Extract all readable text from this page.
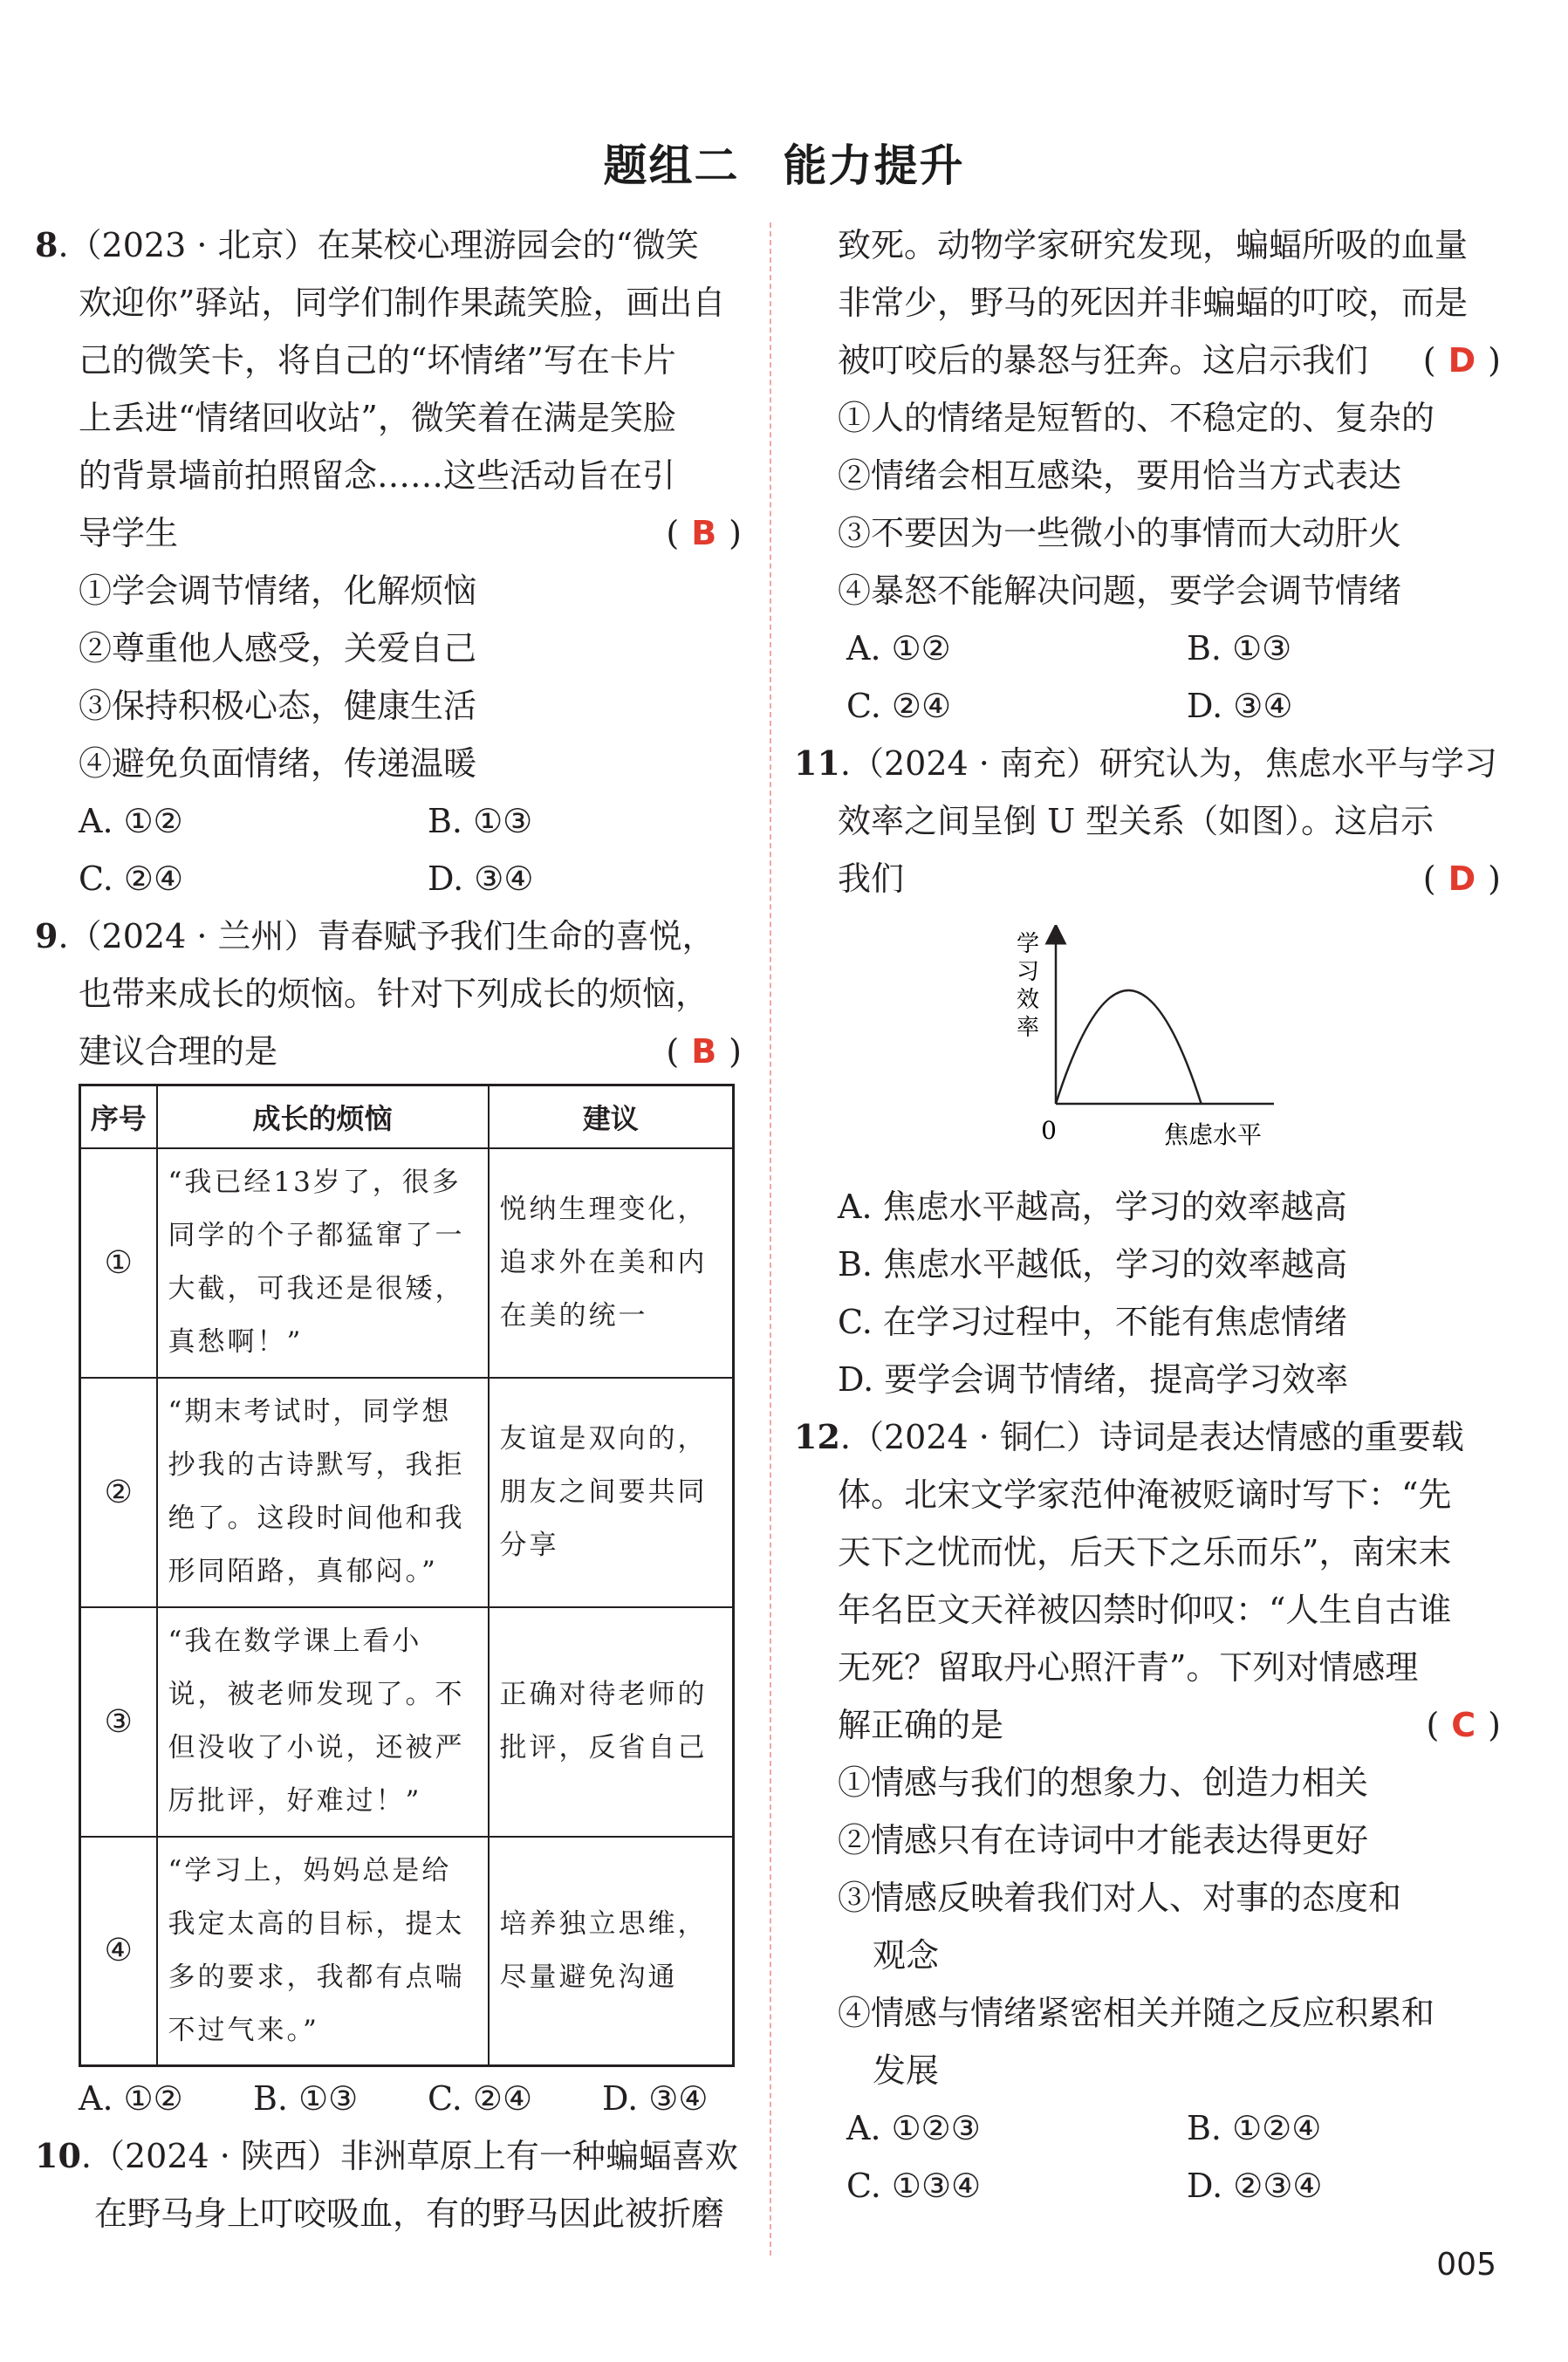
题组二 能力提升
8.（2023 · 北京）在某校心理游园会的“微笑
欢迎你”驿站，同学们制作果蔬笑脸，画出自
己的微笑卡，将自己的“坏情绪”写在卡片
上丢进“情绪回收站”，微笑着在满是笑脸
的背景墙前拍照留念……这些活动旨在引
导学生	( B )
①学会调节情绪，化解烦恼
②尊重他人感受，关爱自己
③保持积极心态，健康生活
④避免负面情绪，传递温暖
A. ①②	B. ①③
C. ②④	D. ③④
9.（2024 · 兰州）青春赋予我们生命的喜悦，
也带来成长的烦恼。针对下列成长的烦恼，
建议合理的是	( B )
序号	成长的烦恼	建议
①	“我已经13岁了，很多同学的个子都猛窜了一大截，可我还是很矮，真愁啊！”	悦纳生理变化，追求外在美和内在美的统一
②	“期末考试时，同学想抄我的古诗默写，我拒绝了。这段时间他和我形同陌路，真郁闷。”	友谊是双向的，朋友之间要共同分享
③	“我在数学课上看小说，被老师发现了。不但没收了小说，还被严厉批评，好难过！”	正确对待老师的批评，反省自己
④	“学习上，妈妈总是给我定太高的目标，提太多的要求，我都有点喘不过气来。”	培养独立思维，尽量避免沟通
A. ①② B. ①③ C. ②④ D. ③④
10.（2024 · 陕西）非洲草原上有一种蝙蝠喜欢
在野马身上叮咬吸血，有的野马因此被折磨
致死。动物学家研究发现，蝙蝠所吸的血量
非常少，野马的死因并非蝙蝠的叮咬，而是
被叮咬后的暴怒与狂奔。这启示我们 ( D )
①人的情绪是短暂的、不稳定的、复杂的
②情绪会相互感染，要用恰当方式表达
③不要因为一些微小的事情而大动肝火
④暴怒不能解决问题，要学会调节情绪
A. ①②	B. ①③
C. ②④	D. ③④
11.（2024 · 南充）研究认为，焦虑水平与学习
效率之间呈倒 U 型关系（如图）。这启示
我们	( D )
A. 焦虑水平越高，学习的效率越高
B. 焦虑水平越低，学习的效率越高
C. 在学习过程中，不能有焦虑情绪
D. 要学会调节情绪，提高学习效率
12.（2024 · 铜仁）诗词是表达情感的重要载
体。北宋文学家范仲淹被贬谪时写下：“先
天下之忧而忧，后天下之乐而乐”，南宋末
年名臣文天祥被囚禁时仰叹：“人生自古谁
无死？留取丹心照汗青”。下列对情感理
解正确的是	( C )
①情感与我们的想象力、创造力相关
②情感只有在诗词中才能表达得更好
③情感反映着我们对人、对事的态度和
观念
④情感与情绪紧密相关并随之反应积累和
发展
A. ①②③	B. ①②④
C. ①③④	D. ②③④
学
习
效
率
0	焦虑水平
005
